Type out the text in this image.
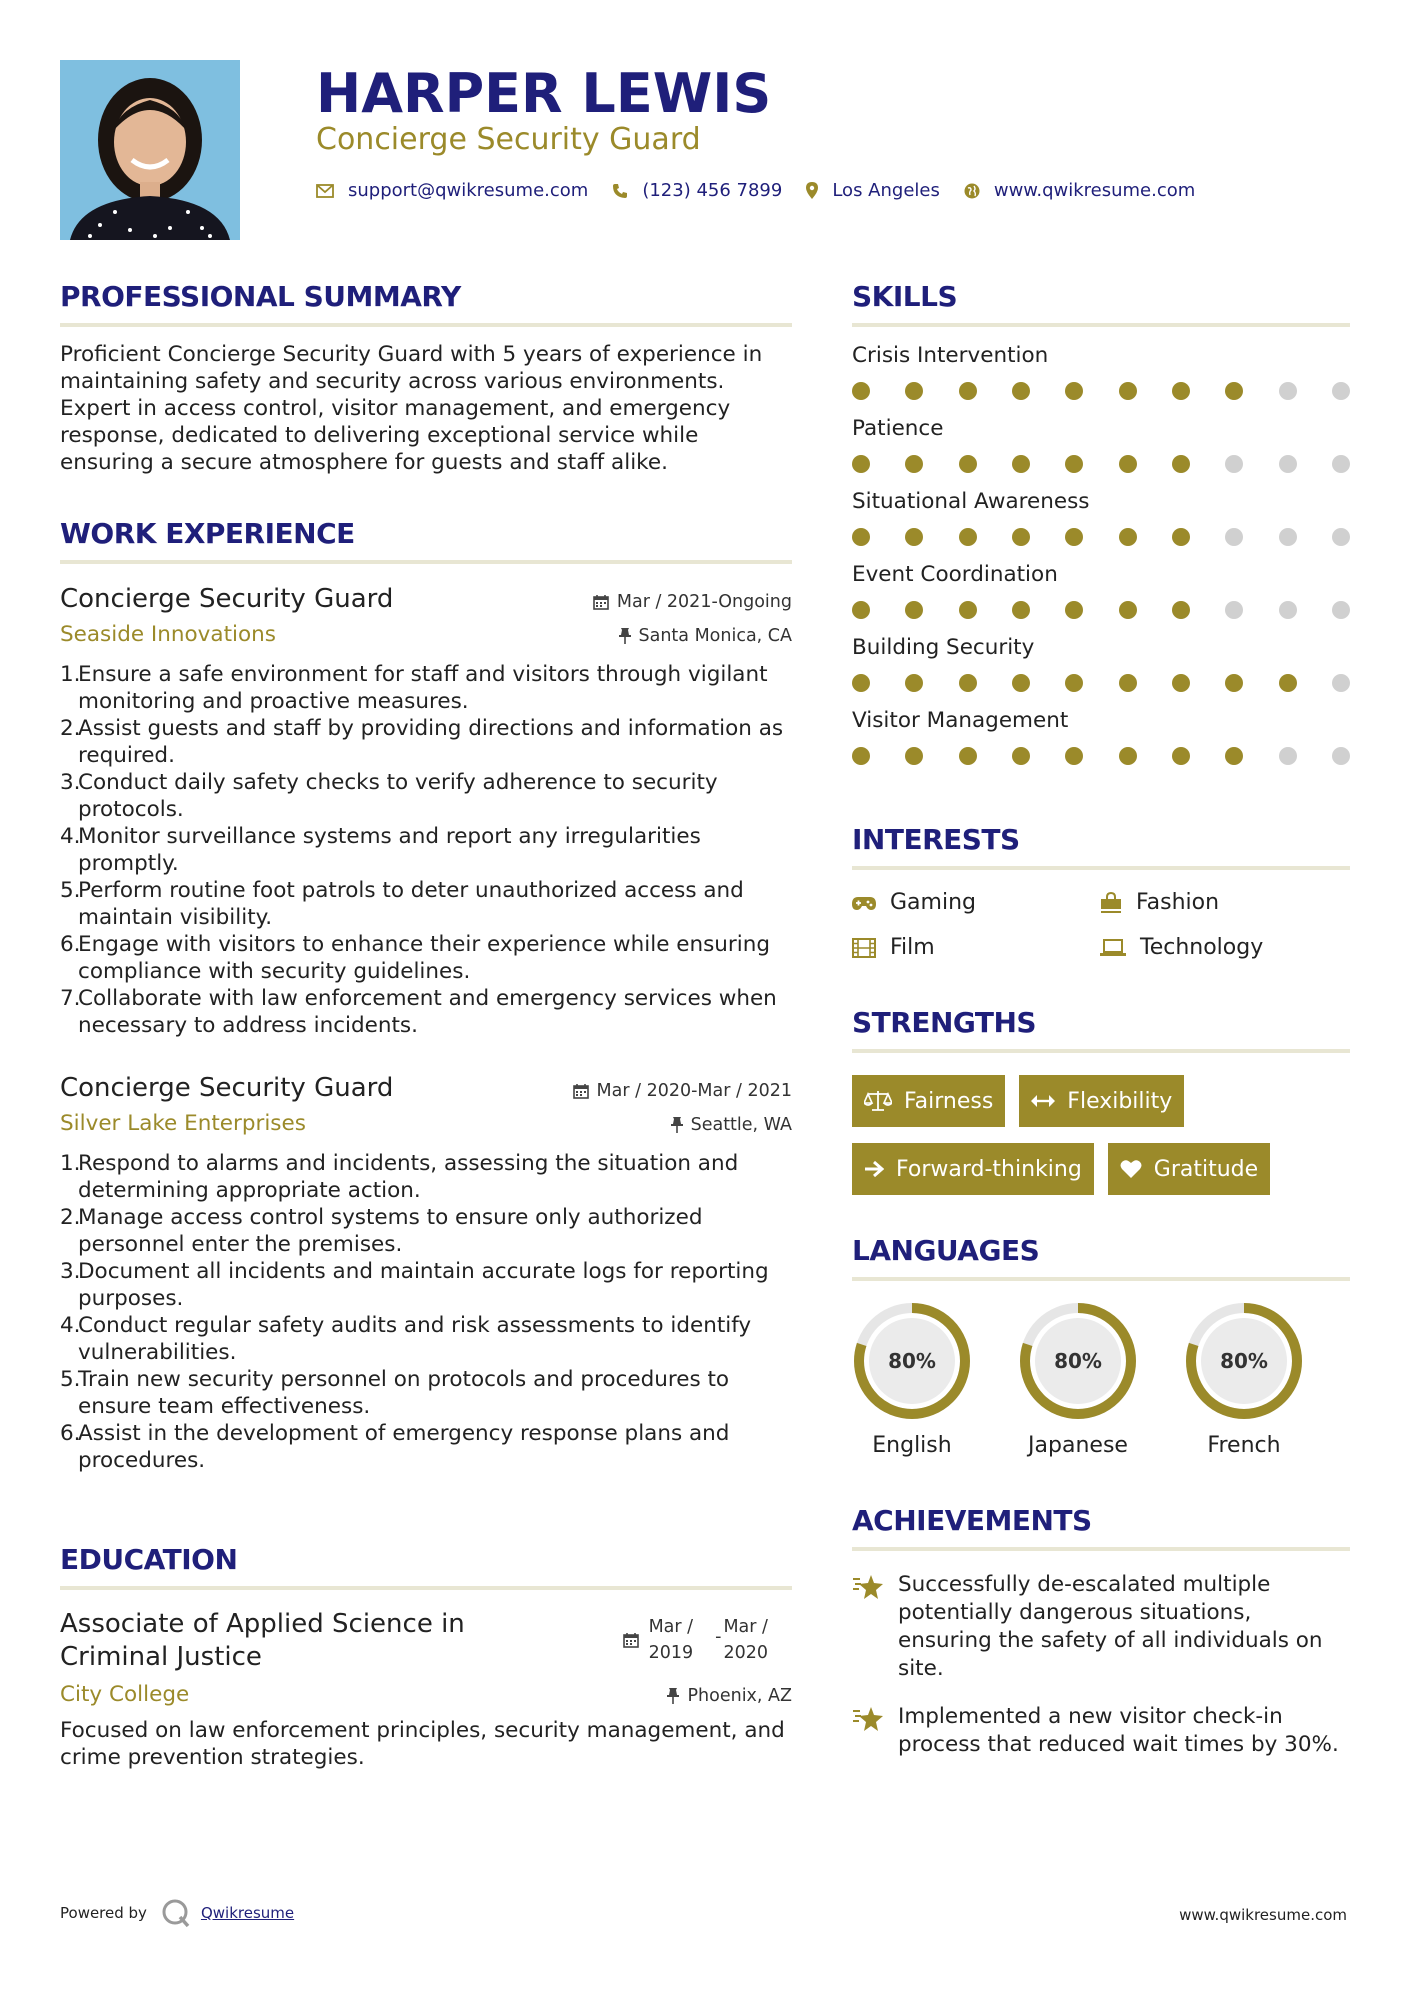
HARPER LEWIS
Concierge Security Guard
support@qwikresume.com	(123) 456 7899	Los Angeles	www.qwikresume.com
PROFESSIONAL SUMMARY
Proficient Concierge Security Guard with 5 years of experience in maintaining safety and security across various environments. Expert in access control, visitor management, and emergency response, dedicated to delivering exceptional service while ensuring a secure atmosphere for guests and staff alike.
WORK EXPERIENCE
Mar / 2021-Ongoing
Santa Monica, CA
Concierge Security Guard
Seaside Innovations
1.
Ensure a safe environment for staff and visitors through vigilant monitoring and proactive measures.
2.
Assist guests and staff by providing directions and information as required.
3.
Conduct daily safety checks to verify adherence to security protocols.
4.
Monitor surveillance systems and report any irregularities promptly.
5.
Perform routine foot patrols to deter unauthorized access and maintain visibility.
6.
Engage with visitors to enhance their experience while ensuring compliance with security guidelines.
7.
Collaborate with law enforcement and emergency services when necessary to address incidents.
Mar / 2020-Mar / 2021
Seattle, WA
Concierge Security Guard
Silver Lake Enterprises
1.
Respond to alarms and incidents, assessing the situation and determining appropriate action.
2.
Manage access control systems to ensure only authorized personnel enter the premises.
3.
Document all incidents and maintain accurate logs for reporting purposes.
4.
Conduct regular safety audits and risk assessments to identify vulnerabilities.
5.
Train new security personnel on protocols and procedures to ensure team effectiveness.
6.
Assist in the development of emergency response plans and procedures.
EDUCATION
Mar /
2019
- Mar /
2020
Phoenix, AZ
Associate of Applied Science in
Criminal Justice
City College
Focused on law enforcement principles, security management, and crime prevention strategies.
SKILLS
Crisis Intervention
Patience
Situational Awareness
Event Coordination
Building Security
Visitor Management
INTERESTS
Gaming	Fashion
Film	Technology
STRENGTHS
Fairness	Flexibility
Forward-thinking	Gratitude
LANGUAGES
80%
English
80%
Japanese
80%
French
ACHIEVEMENTS
Successfully de-escalated multiple potentially dangerous situations, ensuring the safety of all individuals on site.
Implemented a new visitor check-in process that reduced wait times by 30%.
Powered by	Qwikresume	www.qwikresume.com
